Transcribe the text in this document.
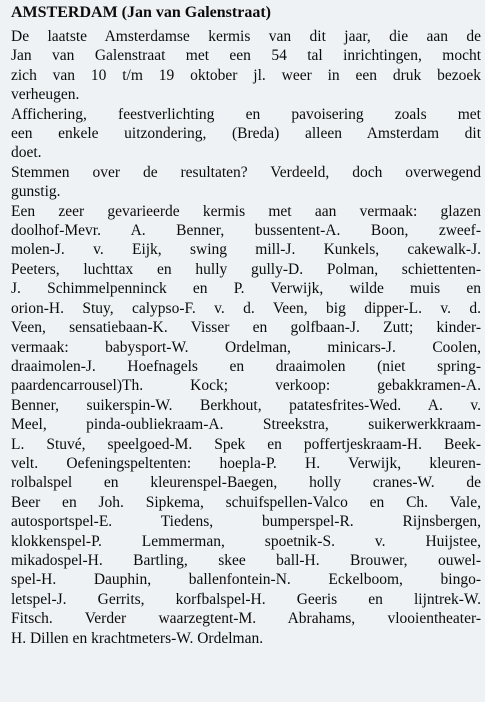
AMSTERDAM (Jan van Galenstraat)
De laatste Amsterdamse kermis van dit jaar, die aan de
Jan van Galenstraat met een 54 tal inrichtingen, mocht
zich van 10 t/m 19 oktober jl. weer in een druk bezoek
verheugen.
Affichering, feestverlichting en pavoisering zoals met
een enkele uitzondering, (Breda) alleen Amsterdam dit
doet.
Stemmen over de resultaten? Verdeeld, doch overwegend
gunstig.
Een zeer gevarieerde kermis met aan vermaak: glazen
doolhof-Mevr. A. Benner, bussentent-A. Boon, zweef-
molen-J. v. Eijk, swing mill-J. Kunkels, cakewalk-J.
Peeters, luchttax en hully gully-D. Polman, schiettenten-
J. Schimmelpenninck en P. Verwijk, wilde muis en
orion-H. Stuy, calypso-F. v. d. Veen, big dipper-L. v. d.
Veen, sensatiebaan-K. Visser en golfbaan-J. Zutt; kinder-
vermaak: babysport-W. Ordelman, minicars-J. Coolen,
draaimolen-J. Hoefnagels en draaimolen (niet spring-
paardencarrousel)Th. Kock; verkoop: gebakkramen-A.
Benner, suikerspin-W. Berkhout, patatesfrites-Wed. A. v.
Meel, pinda-oubliekraam-A. Streekstra, suikerwerkkraam-
L. Stuvé, speelgoed-M. Spek en poffertjeskraam-H. Beek-
velt. Oefeningspeltenten: hoepla-P. H. Verwijk, kleuren-
rolbalspel en kleurenspel-Baegen, holly cranes-W. de
Beer en Joh. Sipkema, schuifspellen-Valco en Ch. Vale,
autosportspel-E. Tiedens, bumperspel-R. Rijnsbergen,
klokkenspel-P. Lemmerman, spoetnik-S. v. Huijstee,
mikadospel-H. Bartling, skee ball-H. Brouwer, ouwel-
spel-H. Dauphin, ballenfontein-N. Eckelboom, bingo-
letspel-J. Gerrits, korfbalspel-H. Geeris en lijntrek-W.
Fitsch. Verder waarzegtent-M. Abrahams, vlooientheater-
H. Dillen en krachtmeters-W. Ordelman.
